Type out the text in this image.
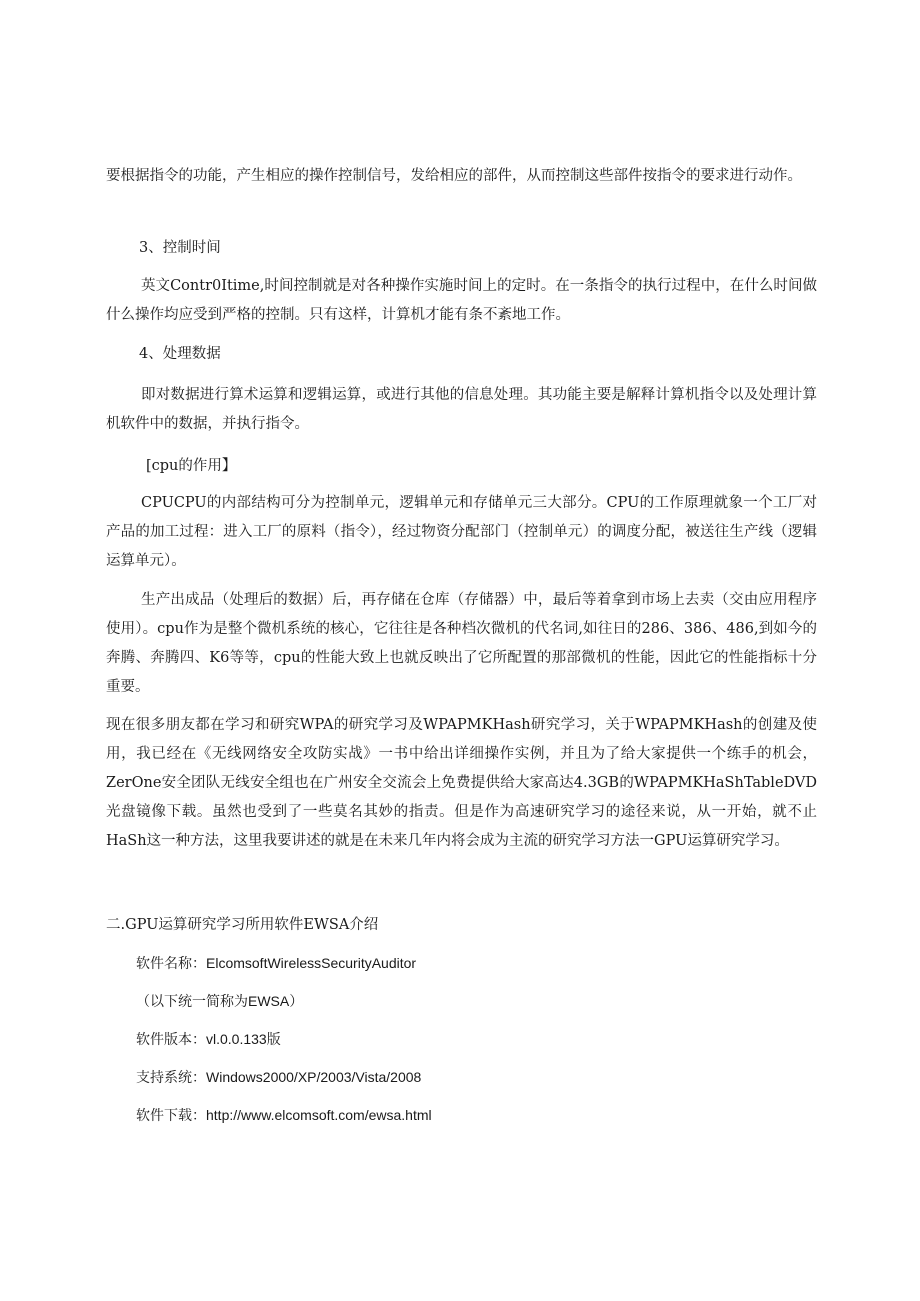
要根据指令的功能，产生相应的操作控制信号，发给相应的部件，从而控制这些部件按指令的要求进行动作。

3、控制时间

英文Contr0Itime,时间控制就是对各种操作实施时间上的定时。在一条指令的执行过程中，在什么时间做什么操作均应受到严格的控制。只有这样，计算机才能有条不紊地工作。

4、处理数据

即对数据进行算术运算和逻辑运算，或进行其他的信息处理。其功能主要是解释计算机指令以及处理计算机软件中的数据，并执行指令。

[cpu的作用】

CPUCPU的内部结构可分为控制单元，逻辑单元和存储单元三大部分。CPU的工作原理就象一个工厂对产品的加工过程：进入工厂的原料（指令），经过物资分配部门（控制单元）的调度分配，被送往生产线（逻辑运算单元）。

生产出成品（处理后的数据）后，再存储在仓库（存储器）中，最后等着拿到市场上去卖（交由应用程序使用）。cpu作为是整个微机系统的核心，它往往是各种档次微机的代名词,如往日的286、386、486,到如今的奔腾、奔腾四、K6等等，cpu的性能大致上也就反映出了它所配置的那部微机的性能，因此它的性能指标十分重要。

现在很多朋友都在学习和研究WPA的研究学习及WPAPMKHash研究学习，关于WPAPMKHash的创建及使用，我已经在《无线网络安全攻防实战》一书中给出详细操作实例，并且为了给大家提供一个练手的机会，ZerOne安全团队无线安全组也在广州安全交流会上免费提供给大家高达4.3GB的WPAPMKHaShTableDVD光盘镜像下载。虽然也受到了一些莫名其妙的指责。但是作为高速研究学习的途径来说，从一开始，就不止HaSh这一种方法，这里我要讲述的就是在未来几年内将会成为主流的研究学习方法一GPU运算研究学习。

二.GPU运算研究学习所用软件EWSA介绍

软件名称：ElcomsoftWirelessSecurityAuditor

（以下统一简称为EWSA）

软件版本：vl.0.0.133版

支持系统：Windows2000/XP/2003/Vista/2008

软件下载：http://www.elcomsoft.com/ewsa.html
